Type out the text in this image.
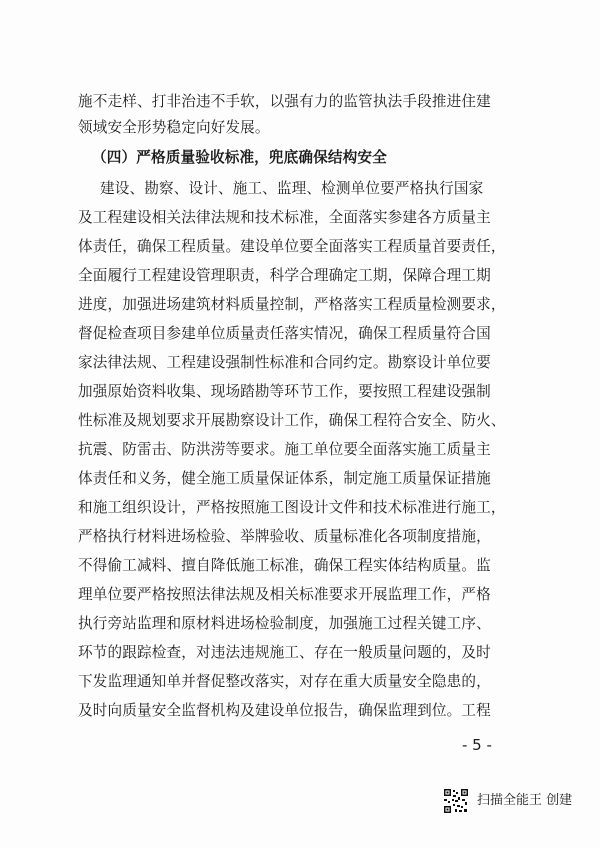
施不走样、打非治违不手软，以强有力的监管执法手段推进住建
领域安全形势稳定向好发展。
（四）严格质量验收标准，兜底确保结构安全
建设、勘察、设计、施工、监理、检测单位要严格执行国家
及工程建设相关法律法规和技术标准，全面落实参建各方质量主
体责任，确保工程质量。建设单位要全面落实工程质量首要责任，
全面履行工程建设管理职责，科学合理确定工期，保障合理工期
进度，加强进场建筑材料质量控制，严格落实工程质量检测要求，
督促检查项目参建单位质量责任落实情况，确保工程质量符合国
家法律法规、工程建设强制性标准和合同约定。勘察设计单位要
加强原始资料收集、现场踏勘等环节工作，要按照工程建设强制
性标准及规划要求开展勘察设计工作，确保工程符合安全、防火、
抗震、防雷击、防洪涝等要求。施工单位要全面落实施工质量主
体责任和义务，健全施工质量保证体系，制定施工质量保证措施
和施工组织设计，严格按照施工图设计文件和技术标准进行施工，
严格执行材料进场检验、举牌验收、质量标准化各项制度措施，
不得偷工减料、擅自降低施工标准，确保工程实体结构质量。监
理单位要严格按照法律法规及相关标准要求开展监理工作，严格
执行旁站监理和原材料进场检验制度，加强施工过程关键工序、
环节的跟踪检查，对违法违规施工、存在一般质量问题的，及时
下发监理通知单并督促整改落实，对存在重大质量安全隐患的，
及时向质量安全监督机构及建设单位报告，确保监理到位。工程
- 5 -
扫描全能王 创建
